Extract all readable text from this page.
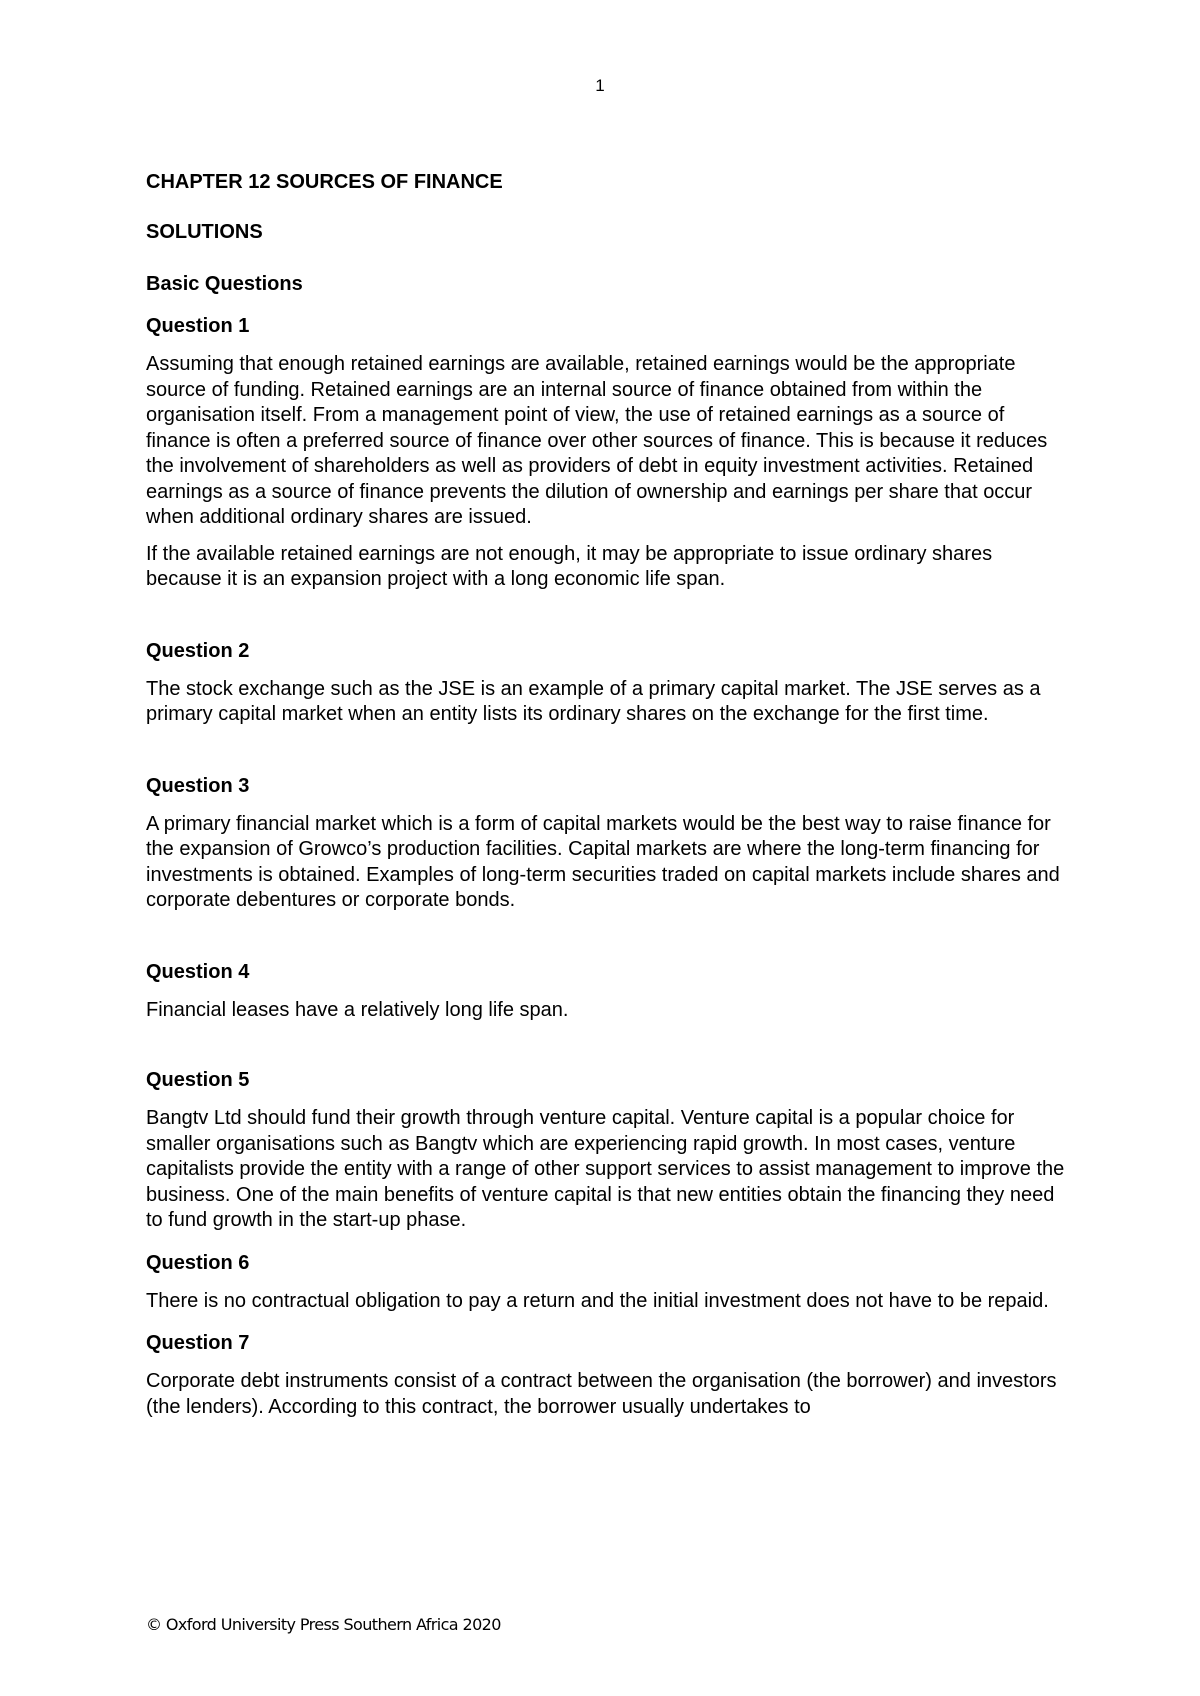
1
CHAPTER 12 SOURCES OF FINANCE
SOLUTIONS
Basic Questions
Question 1

Assuming that enough retained earnings are available, retained earnings would be the appropriate source of funding. Retained earnings are an internal source of finance obtained from within the organisation itself. From a management point of view, the use of retained earnings as a source of finance is often a preferred source of finance over other sources of finance. This is because it reduces the involvement of shareholders as well as providers of debt in equity investment activities. Retained earnings as a source of finance prevents the dilution of ownership and earnings per share that occur when additional ordinary shares are issued.

If the available retained earnings are not enough, it may be appropriate to issue ordinary shares because it is an expansion project with a long economic life span.

Question 2

The stock exchange such as the JSE is an example of a primary capital market. The JSE serves as a primary capital market when an entity lists its ordinary shares on the exchange for the first time.

Question 3

A primary financial market which is a form of capital markets would be the best way to raise finance for the expansion of Growco’s production facilities. Capital markets are where the long-term financing for investments is obtained. Examples of long-term securities traded on capital markets include shares and corporate debentures or corporate bonds.

Question 4

Financial leases have a relatively long life span.

Question 5

Bangtv Ltd should fund their growth through venture capital. Venture capital is a popular choice for smaller organisations such as Bangtv which are experiencing rapid growth. In most cases, venture capitalists provide the entity with a range of other support services to assist management to improve the business. One of the main benefits of venture capital is that new entities obtain the financing they need to fund growth in the start-up phase.

Question 6

There is no contractual obligation to pay a return and the initial investment does not have to be repaid.

Question 7

Corporate debt instruments consist of a contract between the organisation (the borrower) and investors (the lenders). According to this contract, the borrower usually undertakes to

© Oxford University Press Southern Africa 2020
